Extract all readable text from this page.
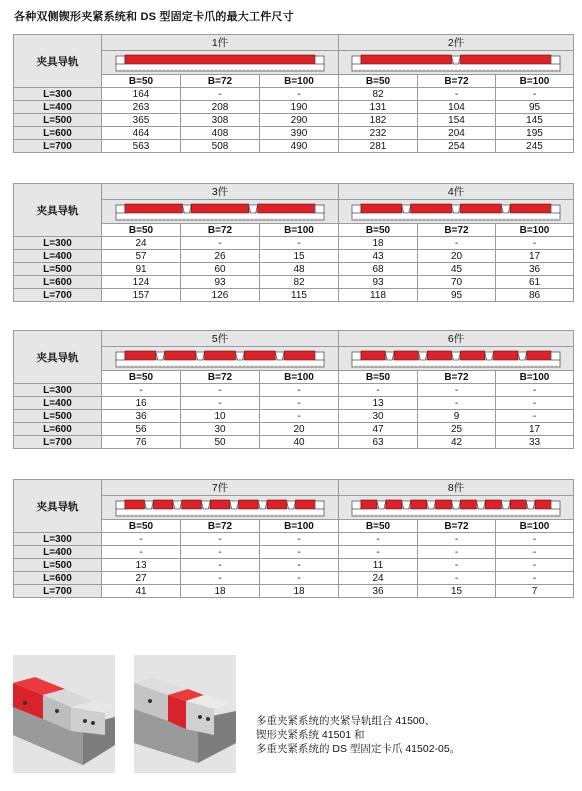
各种双侧锲形夹紧系统和 DS 型固定卡爪的最大工件尺寸
夹具导轨	1件			2件		

	B=50	B=72	B=100	B=50	B=72	B=100
L=300	164	-	-	82	-	-
L=400	263	208	190	131	104	95
L=500	365	308	290	182	154	145
L=600	464	408	390	232	204	195
L=700	563	508	490	281	254	245
夹具导轨	3件			4件		

	B=50	B=72	B=100	B=50	B=72	B=100
L=300	24	-	-	18	-	-
L=400	57	26	15	43	20	17
L=500	91	60	48	68	45	36
L=600	124	93	82	93	70	61
L=700	157	126	115	118	95	86
夹具导轨	5件			6件		

	B=50	B=72	B=100	B=50	B=72	B=100
L=300	-	-	-	-	-	-
L=400	16	-	-	13	-	-
L=500	36	10	-	30	9	-
L=600	56	30	20	47	25	17
L=700	76	50	40	63	42	33
夹具导轨	7件			8件		

	B=50	B=72	B=100	B=50	B=72	B=100
L=300	-	-	-	-	-	-
L=400	-	-	-	-	-	-
L=500	13	-	-	11	-	-
L=600	27	-	-	24	-	-
L=700	41	18	18	36	15	7
多重夹紧系统的夹紧导轨组合 41500、
锲形夹紧系统 41501 和
多重夹紧系统的 DS 型固定卡爪 41502-05。
